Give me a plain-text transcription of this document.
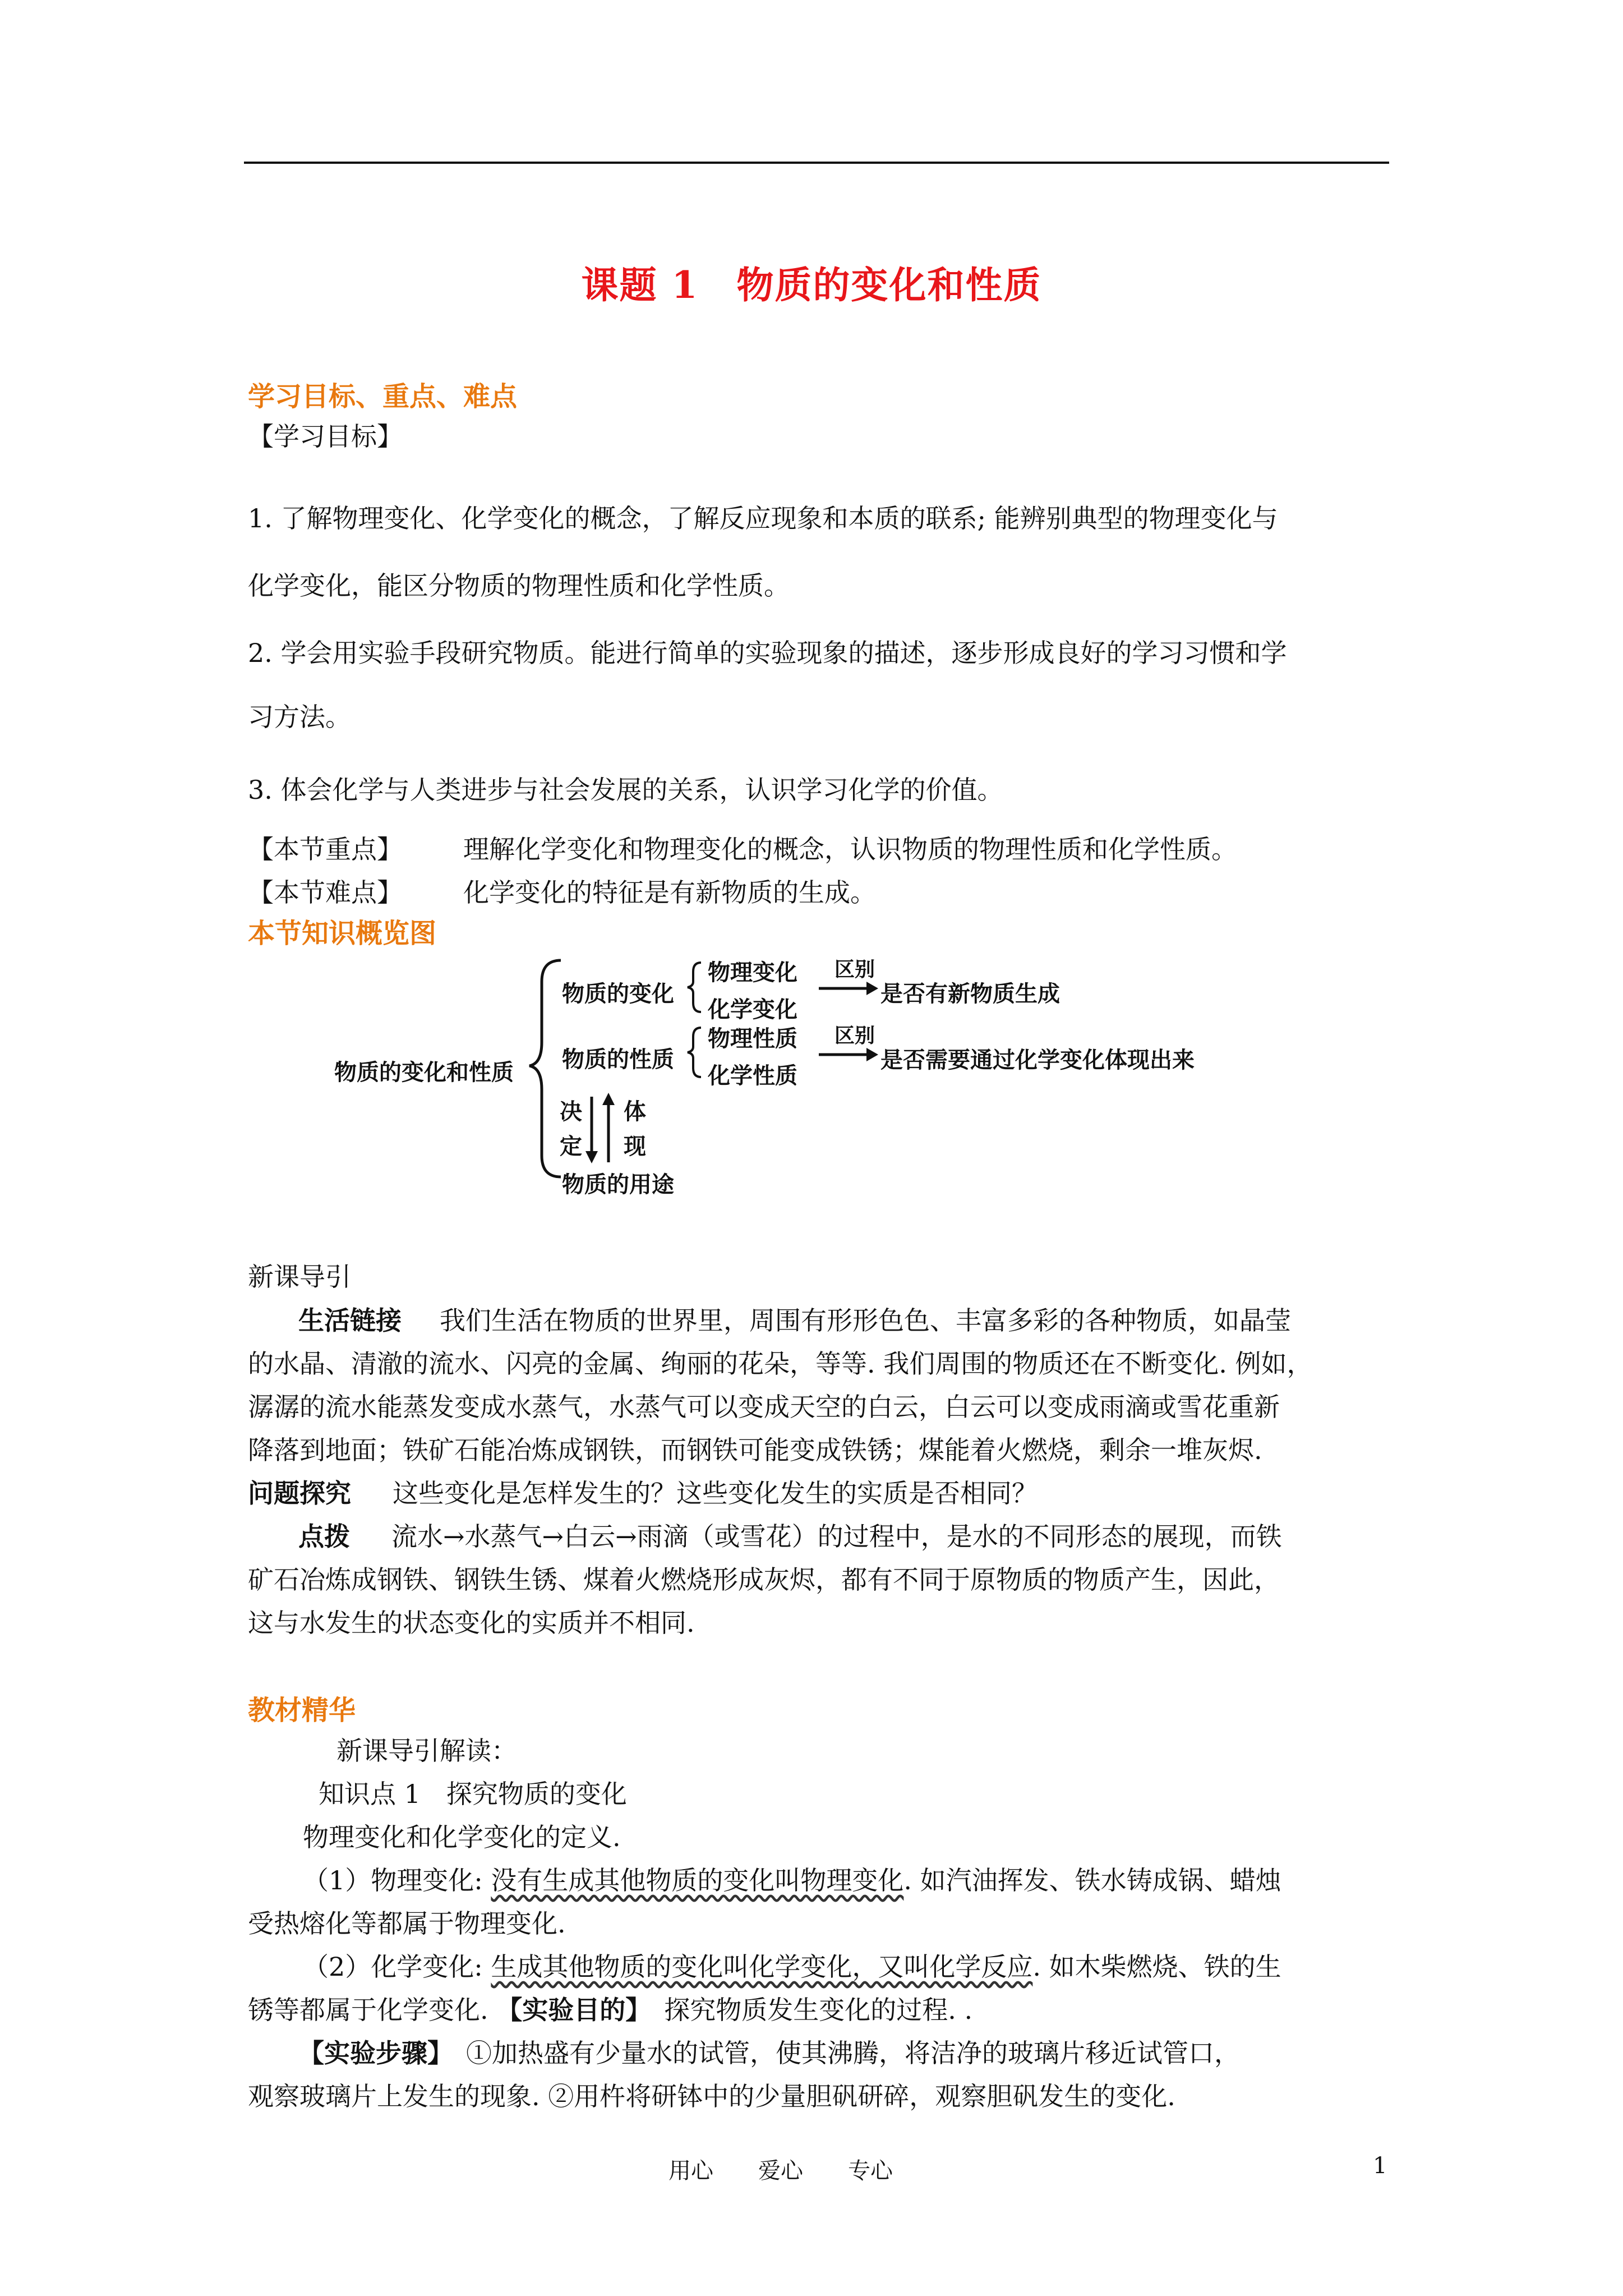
课题 1　物质的变化和性质
学习目标、重点、难点
【学习目标】
1. 了解物理变化、化学变化的概念，了解反应现象和本质的联系; 能辨别典型的物理变化与
化学变化，能区分物质的物理性质和化学性质。
2. 学会用实验手段研究物质。能进行简单的实验现象的描述，逐步形成良好的学习习惯和学
习方法。
3. 体会化学与人类进步与社会发展的关系，认识学习化学的价值。
【本节重点】 理解化学变化和物理变化的概念，认识物质的物理性质和化学性质。
【本节难点】 化学变化的特征是有新物质的生成。
本节知识概览图
物质的变化和性质
物质的变化
物理变化
化学变化
区别
是否有新物质生成
物质的性质
物理性质
化学性质
区别
是否需要通过化学变化体现出来
决
定
体
现
物质的用途
新课导引
生活链接 我们生活在物质的世界里，周围有形形色色、丰富多彩的各种物质，如晶莹
的水晶、清澈的流水、闪亮的金属、绚丽的花朵，等等. 我们周围的物质还在不断变化. 例如，
潺潺的流水能蒸发变成水蒸气，水蒸气可以变成天空的白云，白云可以变成雨滴或雪花重新
降落到地面；铁矿石能冶炼成钢铁，而钢铁可能变成铁锈；煤能着火燃烧，剩余一堆灰烬.
问题探究 这些变化是怎样发生的？这些变化发生的实质是否相同？
点拨 流水→水蒸气→白云→雨滴（或雪花）的过程中，是水的不同形态的展现，而铁
矿石冶炼成钢铁、钢铁生锈、煤着火燃烧形成灰烬，都有不同于原物质的物质产生，因此，
这与水发生的状态变化的实质并不相同.
教材精华
新课导引解读：
知识点 1　探究物质的变化
物理变化和化学变化的定义.
（1）物理变化: 没有生成其他物质的变化叫物理变化. 如汽油挥发、铁水铸成锅、蜡烛
受热熔化等都属于物理变化.
（2）化学变化: 生成其他物质的变化叫化学变化，又叫化学反应. 如木柴燃烧、铁的生
锈等都属于化学变化. 【实验目的】　探究物质发生变化的过程. .
【实验步骤】　①加热盛有少量水的试管，使其沸腾，将洁净的玻璃片移近试管口，
观察玻璃片上发生的现象. ②用杵将研钵中的少量胆矾研碎，观察胆矾发生的变化.
用心　　爱心　　专心	1
